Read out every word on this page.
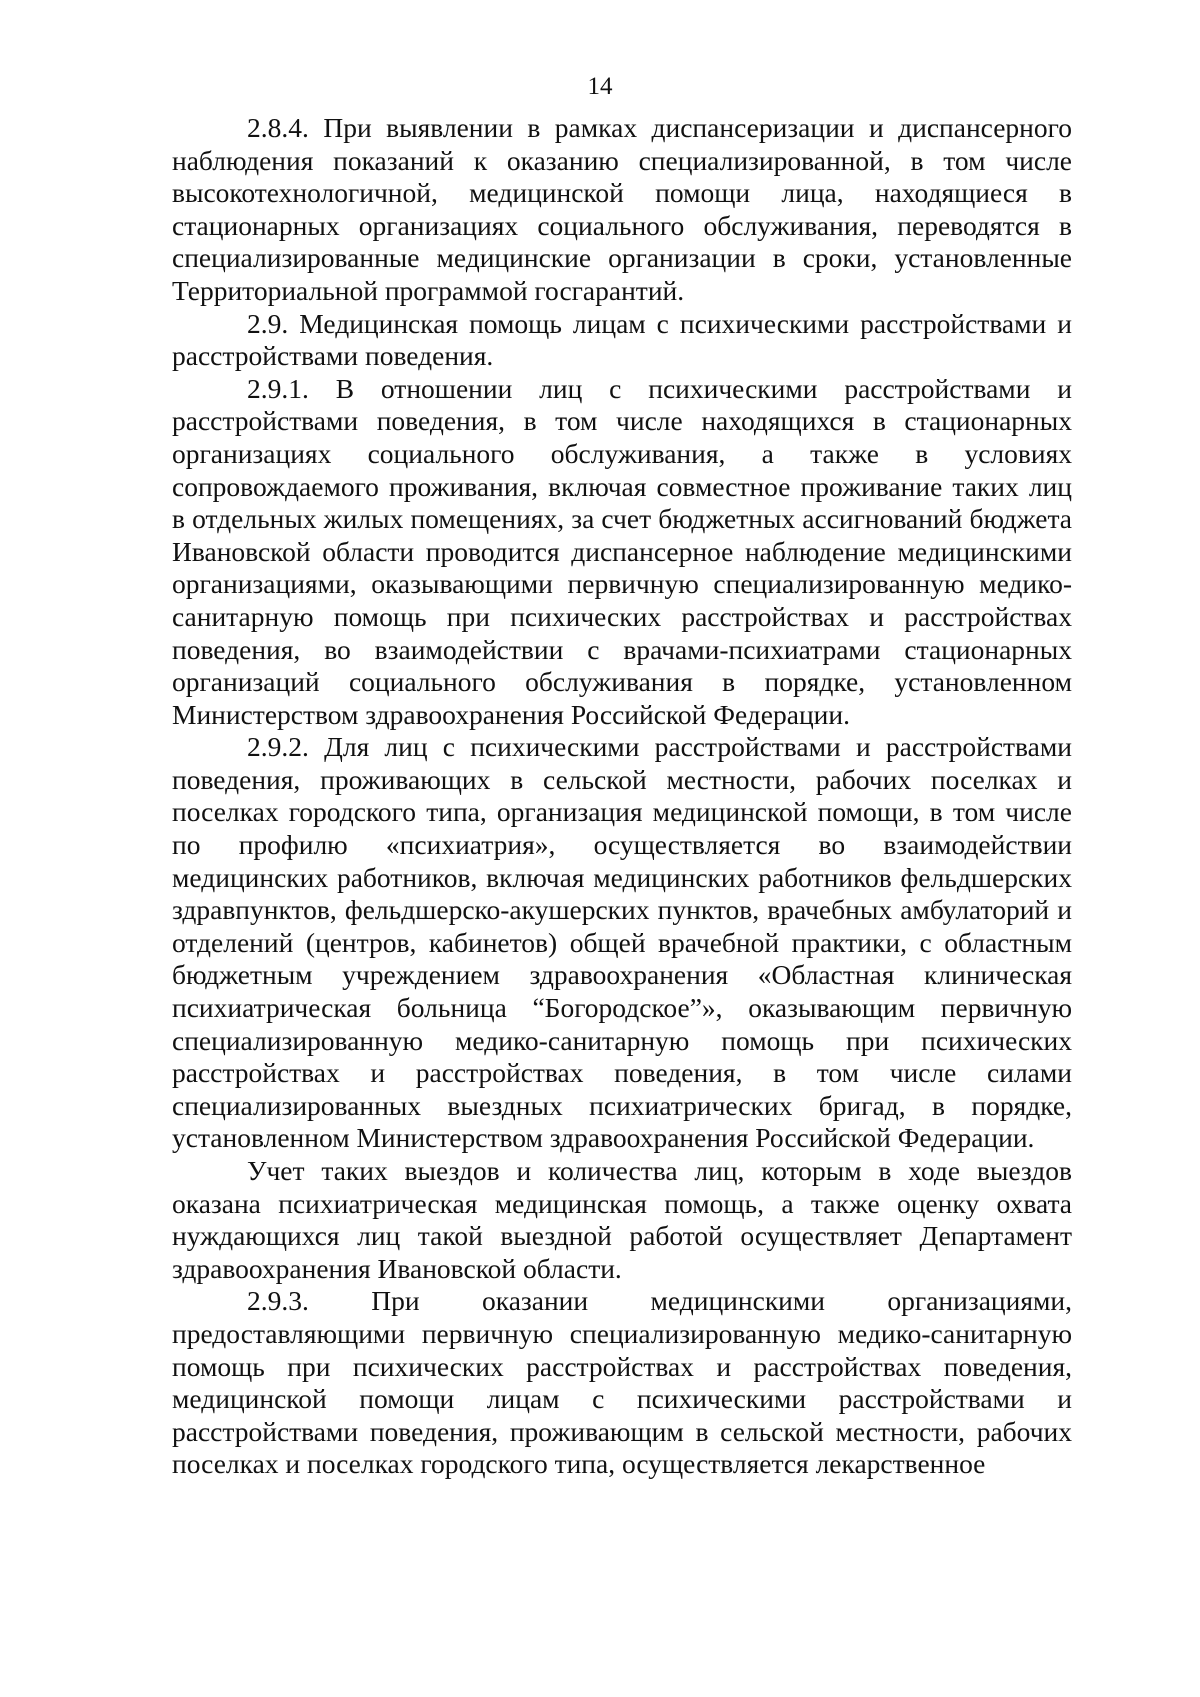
14

2.8.4. При выявлении в рамках диспансеризации и диспансерного наблюдения показаний к оказанию специализированной, в том числе высокотехнологичной, медицинской помощи лица, находящиеся в стационарных организациях социального обслуживания, переводятся в специализированные медицинские организации в сроки, установленные Территориальной программой госгарантий.

2.9. Медицинская помощь лицам с психическими расстройствами и расстройствами поведения.

2.9.1. В отношении лиц с психическими расстройствами и расстройствами поведения, в том числе находящихся в стационарных организациях социального обслуживания, а также в условиях сопровождаемого проживания, включая совместное проживание таких лиц в отдельных жилых помещениях, за счет бюджетных ассигнований бюджета Ивановской области проводится диспансерное наблюдение медицинскими организациями, оказывающими первичную специализированную медико-санитарную помощь при психических расстройствах и расстройствах поведения, во взаимодействии с врачами-психиатрами стационарных организаций социального обслуживания в порядке, установленном Министерством здравоохранения Российской Федерации.

2.9.2. Для лиц с психическими расстройствами и расстройствами поведения, проживающих в сельской местности, рабочих поселках и поселках городского типа, организация медицинской помощи, в том числе по профилю «психиатрия», осуществляется во взаимодействии медицинских работников, включая медицинских работников фельдшерских здравпунктов, фельдшерско-акушерских пунктов, врачебных амбулаторий и отделений (центров, кабинетов) общей врачебной практики, с областным бюджетным учреждением здравоохранения «Областная клиническая психиатрическая больница “Богородское”», оказывающим первичную специализированную медико-санитарную помощь при психических расстройствах и расстройствах поведения, в том числе силами специализированных выездных психиатрических бригад, в порядке, установленном Министерством здравоохранения Российской Федерации.

Учет таких выездов и количества лиц, которым в ходе выездов оказана психиатрическая медицинская помощь, а также оценку охвата нуждающихся лиц такой выездной работой осуществляет Департамент здравоохранения Ивановской области.

2.9.3. При оказании медицинскими организациями, предоставляющими первичную специализированную медико-санитарную помощь при психических расстройствах и расстройствах поведения, медицинской помощи лицам с психическими расстройствами и расстройствами поведения, проживающим в сельской местности, рабочих поселках и поселках городского типа, осуществляется лекарственное
